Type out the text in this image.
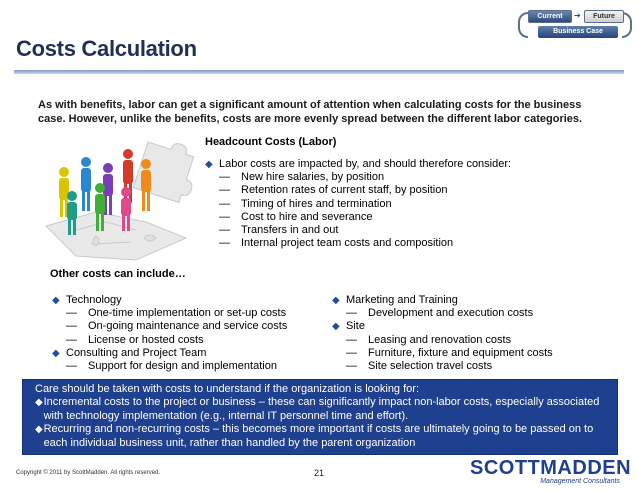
Current	➔	Future
Business Case
Costs Calculation
As with benefits, labor can get a significant amount of attention when calculating costs for the business case. However, unlike the benefits, costs are more evenly spread between the different labor categories.
Headcount Costs (Labor)
◆ Labor costs are impacted by, and should therefore consider:
—	New hire salaries, by position
—	Retention rates of current staff, by position
—	Timing of hires and termination
—	Cost to hire and severance
—	Transfers in and out
—	Internal project team costs and composition
Other costs can include…
◆ Technology
—	One-time implementation or set-up costs
—	On-going maintenance and service costs
—	License or hosted costs
◆ Consulting and Project Team
—	Support for design and implementation
◆ Marketing and Training
—	Development and execution costs
◆ Site
—	Leasing and renovation costs
—	Furniture, fixture and equipment costs
—	Site selection travel costs
Care should be taken with costs to understand if the organization is looking for:
◆ Incremental costs to the project or business – these can significantly impact non-labor costs, especially associated with technology implementation (e.g., internal IT personnel time and effort).
◆ Recurring and non-recurring costs – this becomes more important if costs are ultimately going to be passed on to each individual business unit, rather than handled by the parent organization
Copyright © 2011 by ScottMadden. All rights reserved.	21	SCOTTMADDEN
Management Consultants
